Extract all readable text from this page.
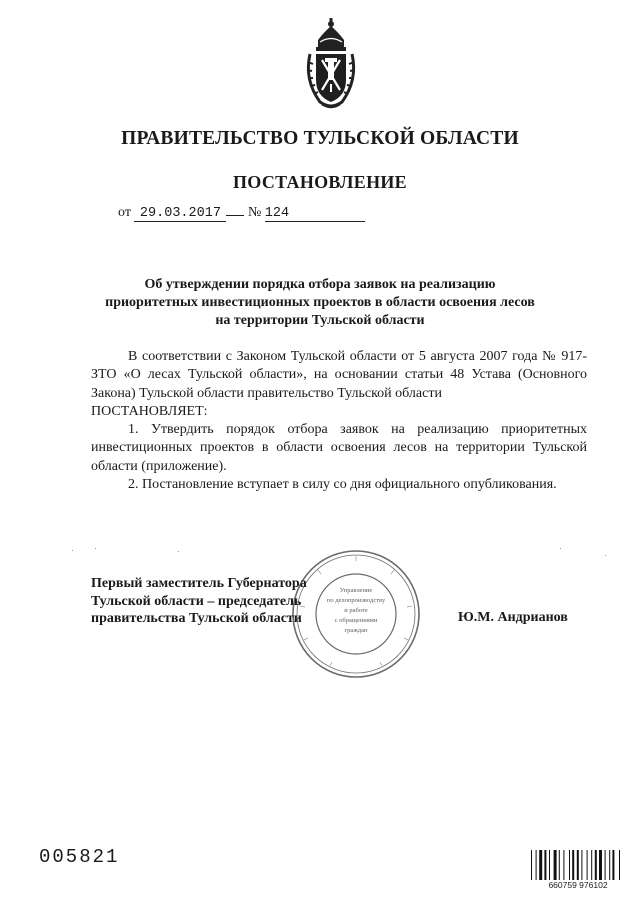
ПРАВИТЕЛЬСТВО ТУЛЬСКОЙ ОБЛАСТИ
ПОСТАНОВЛЕНИЕ
от 29.03.2017 № 124
Об утверждении порядка отбора заявок на реализацию
приоритетных инвестиционных проектов в области освоения лесов
на территории Тульской области

В соответствии с Законом Тульской области от 5 августа 2007 года № 917-ЗТО «О лесах Тульской области», на основании статьи 48 Устава (Основного Закона) Тульской области правительство Тульской области

ПОСТАНОВЛЯЕТ:

1. Утвердить порядок отбора заявок на реализацию приоритетных инвестиционных проектов в области освоения лесов на территории Тульской области (приложение).

2. Постановление вступает в силу со дня официального опубликования.

Управление
по делопроизводству
и работе
с обращениями
граждан
Первый заместитель Губернатора
Тульской области – председатель
правительства Тульской области	Ю.М. Андрианов
005821
660759 976102
